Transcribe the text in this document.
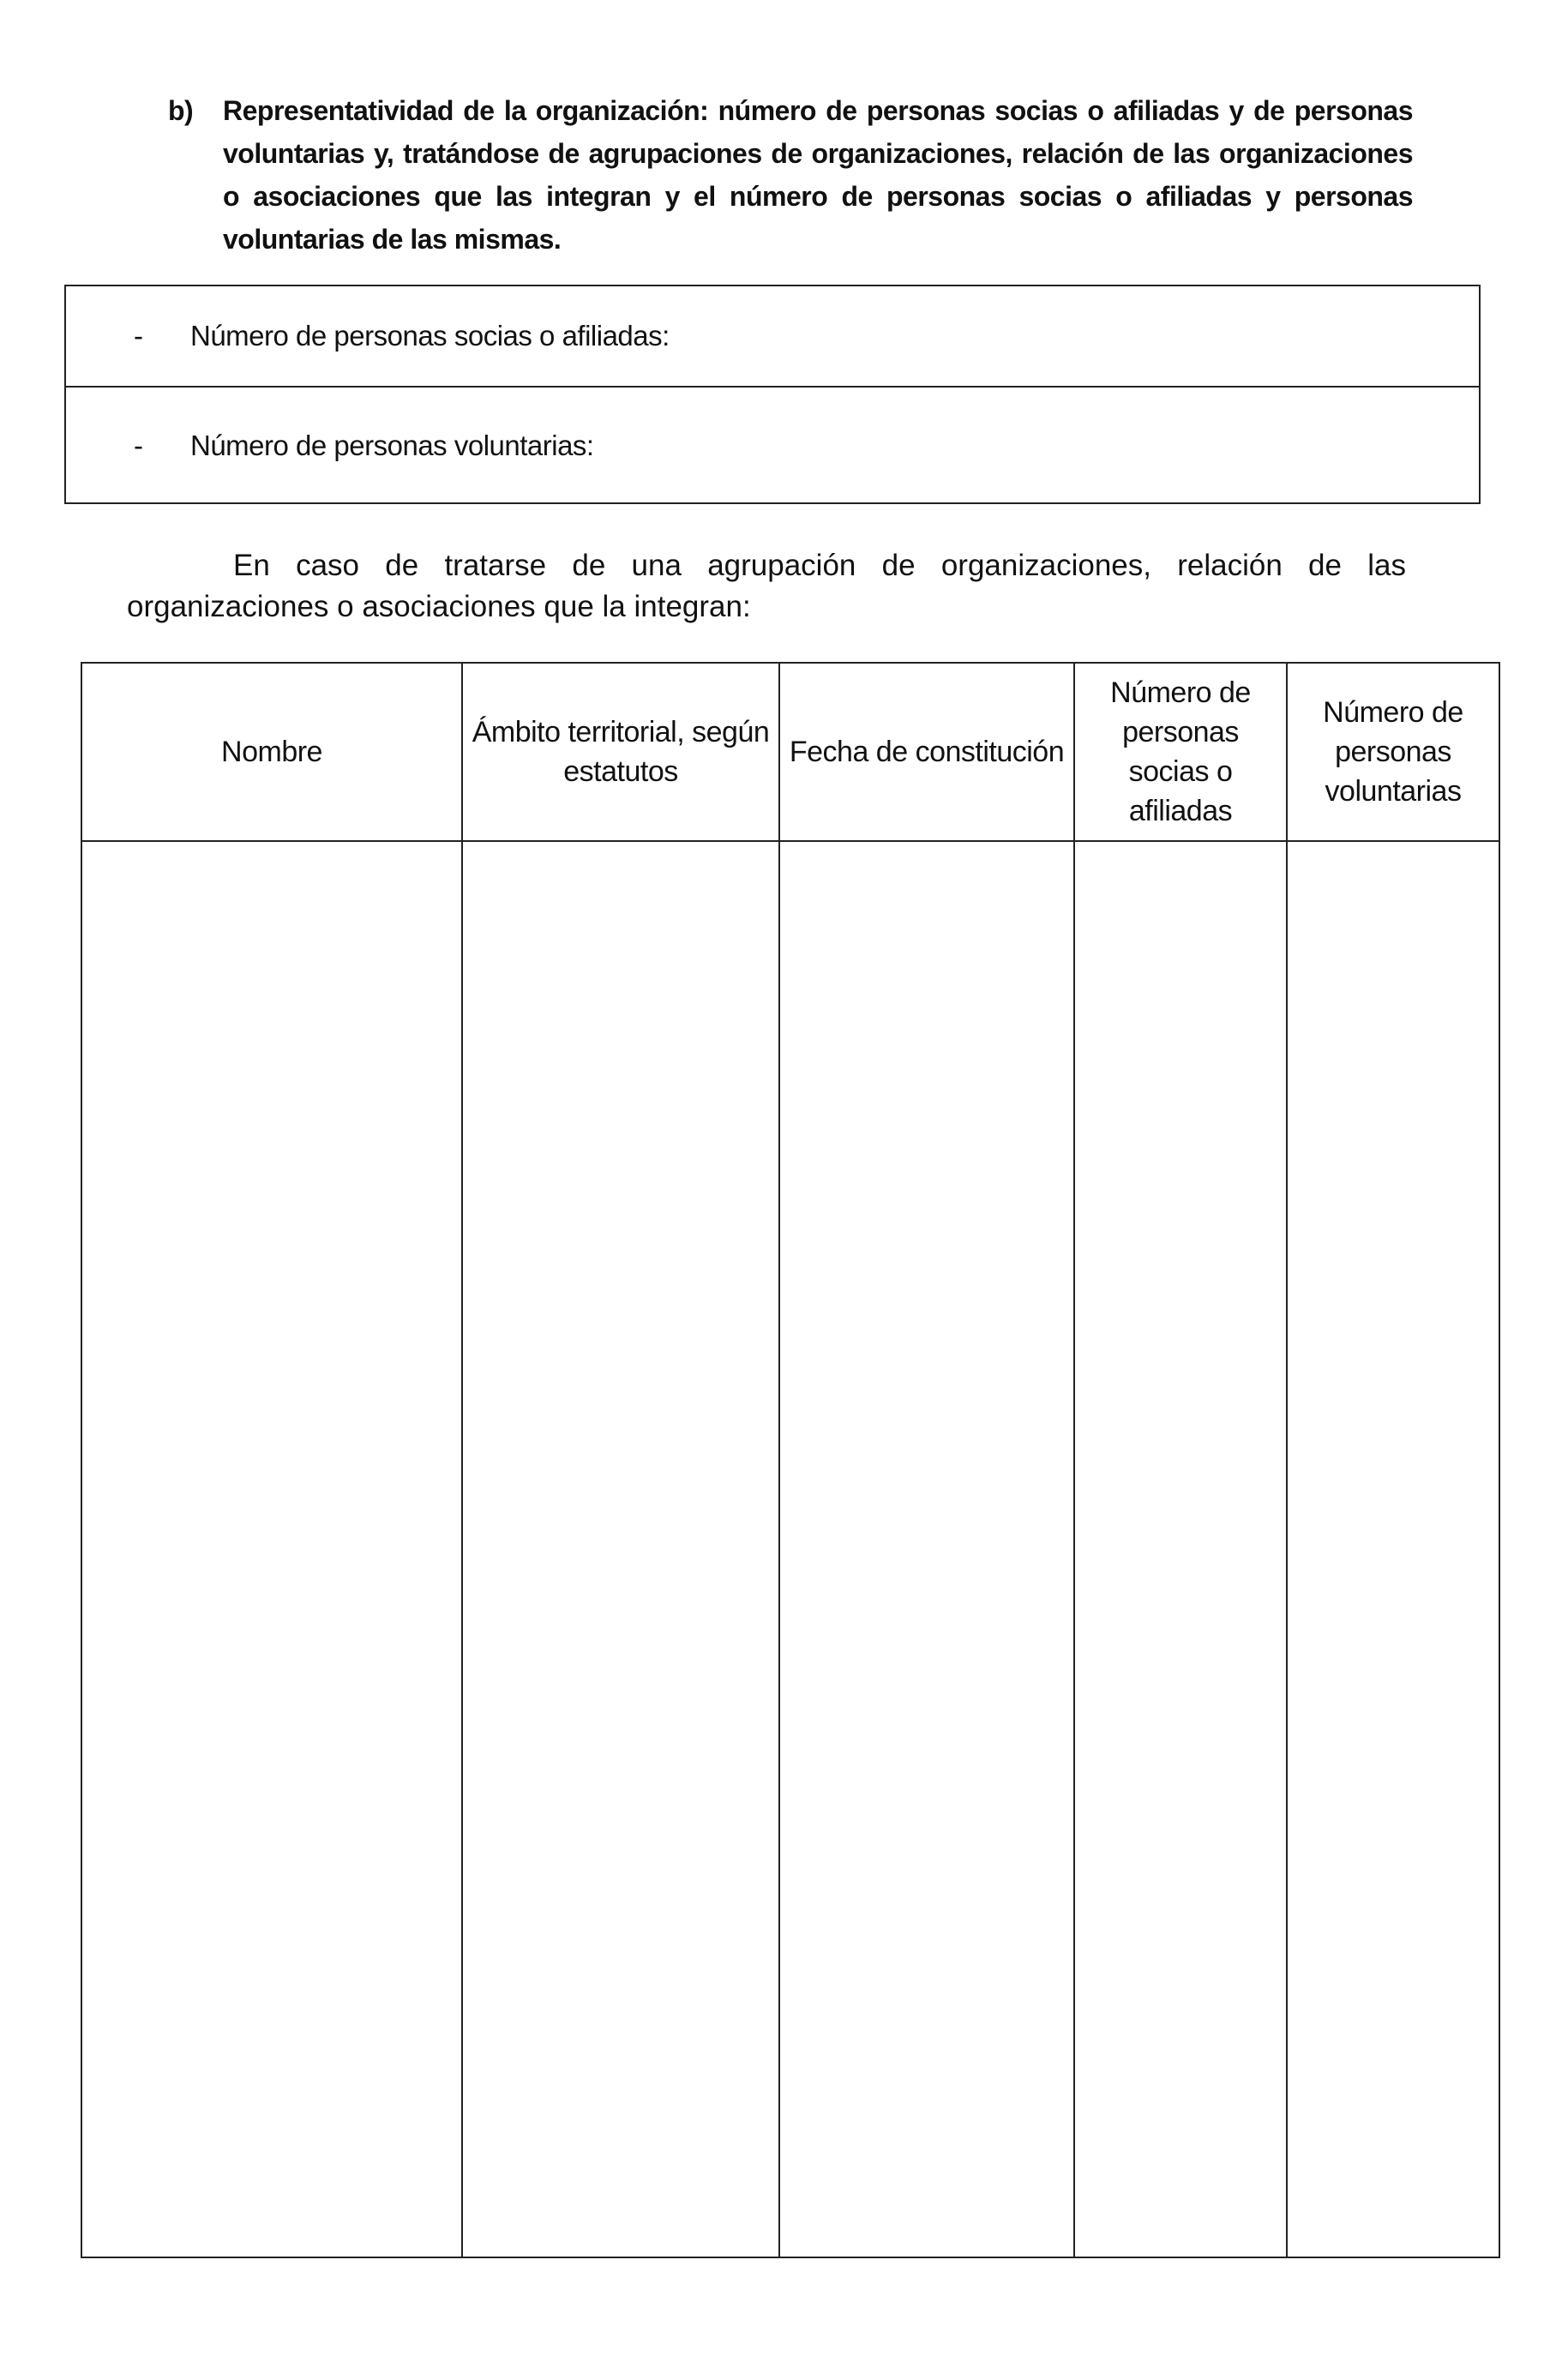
b)	Representatividad de la organización: número de personas socias o afiliadas y de personas voluntarias y, tratándose de agrupaciones de organizaciones, relación de las organizaciones o asociaciones que las integran y el número de personas socias o afiliadas y personas voluntarias de las mismas.
- Número de personas socias o afiliadas:
- Número de personas voluntarias:
En caso de tratarse de una agrupación de organizaciones, relación de las organizaciones o asociaciones que la integran:
Nombre	Ámbito territorial, según estatutos	Fecha de constitución	Número de personas socias o afiliadas	Número de personas voluntarias
